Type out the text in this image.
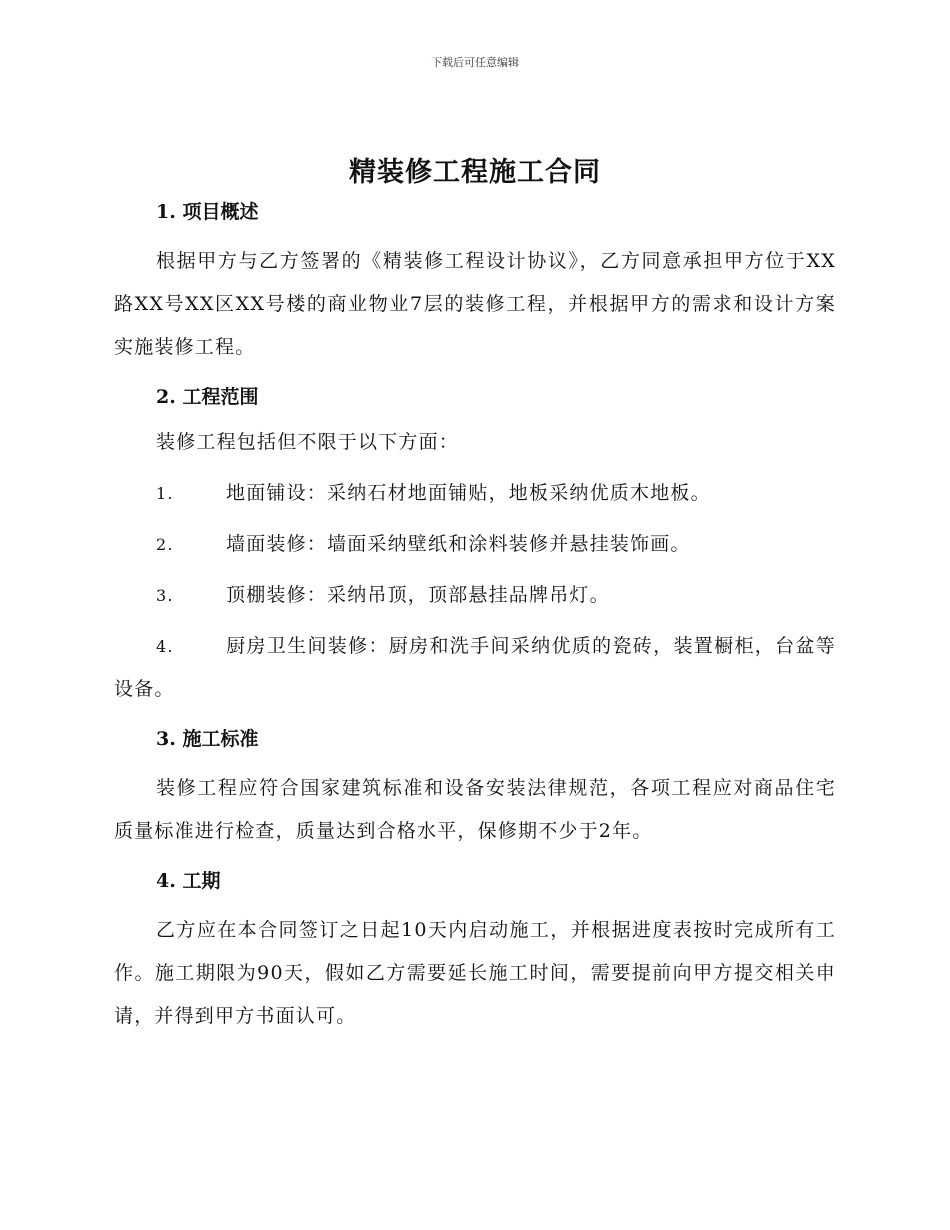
下载后可任意编辑
精装修工程施工合同
1. 项目概述

根据甲方与乙方签署的《精装修工程设计协议》，乙方同意承担甲方位于XX路XX号XX区XX号楼的商业物业7层的装修工程，并根据甲方的需求和设计方案实施装修工程。

2. 工程范围

装修工程包括但不限于以下方面：

1.	地面铺设：采纳石材地面铺贴，地板采纳优质木地板。

2.	墙面装修：墙面采纳壁纸和涂料装修并悬挂装饰画。

3.	顶棚装修：采纳吊顶，顶部悬挂品牌吊灯。

4.	厨房卫生间装修：厨房和洗手间采纳优质的瓷砖，装置橱柜，台盆等设备。

3. 施工标准

装修工程应符合国家建筑标准和设备安装法律规范，各项工程应对商品住宅质量标准进行检查，质量达到合格水平，保修期不少于2年。

4. 工期

乙方应在本合同签订之日起10天内启动施工，并根据进度表按时完成所有工作。施工期限为90天，假如乙方需要延长施工时间，需要提前向甲方提交相关申请，并得到甲方书面认可。
